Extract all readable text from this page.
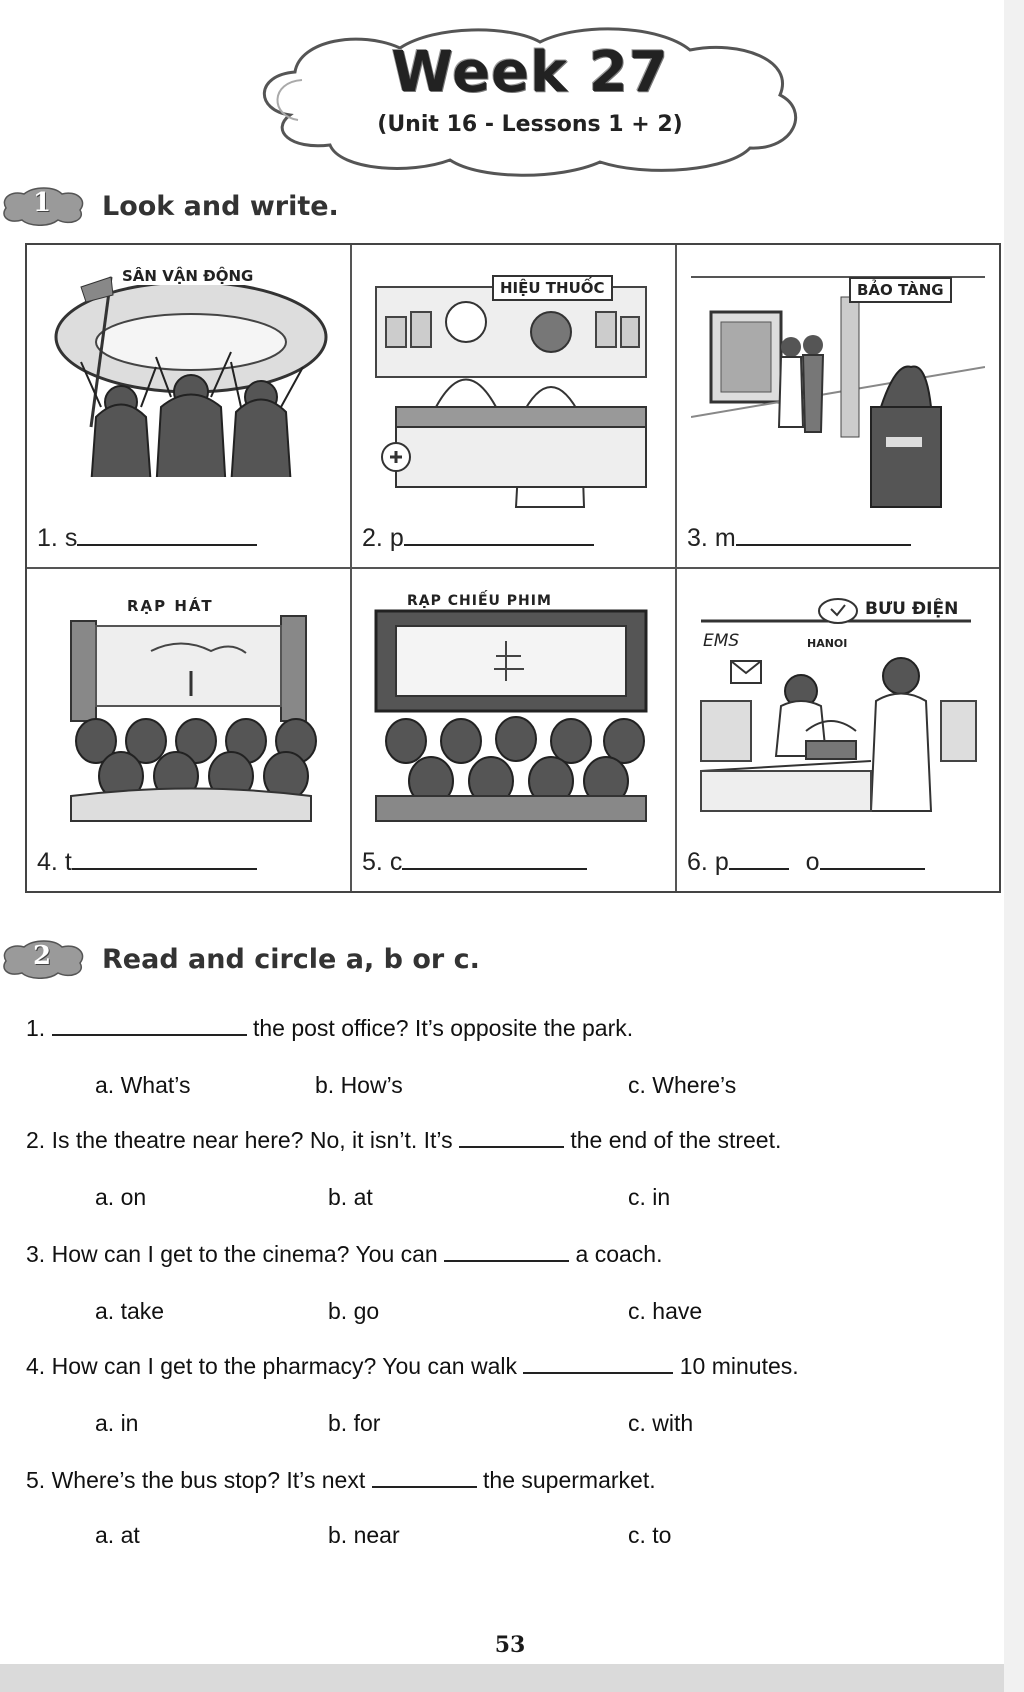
Week 27
(Unit 16 - Lessons 1 + 2)
1	Look and write.
SÂN VẬN ĐỘNG
1. s
HIỆU THUỐC
2. p
BẢO TÀNG
3. m
RẠP HÁT
4. t
RẠP CHIẾU PHIM
5. c
BƯU ĐIỆN
EMS	HANOI
6. p	o
2	Read and circle a, b or c.
1.	the post office? It’s opposite the park.
a. What’s	b. How’s	c. Where’s
2. Is the theatre near here? No, it isn’t. It’s	the end of the street.
a. on	b. at	c. in
3. How can I get to the cinema? You can	a coach.
a. take	b. go	c. have
4. How can I get to the pharmacy? You can walk	10 minutes.
a. in	b. for	c. with
5. Where’s the bus stop? It’s next	the supermarket.
a. at	b. near	c. to
53
